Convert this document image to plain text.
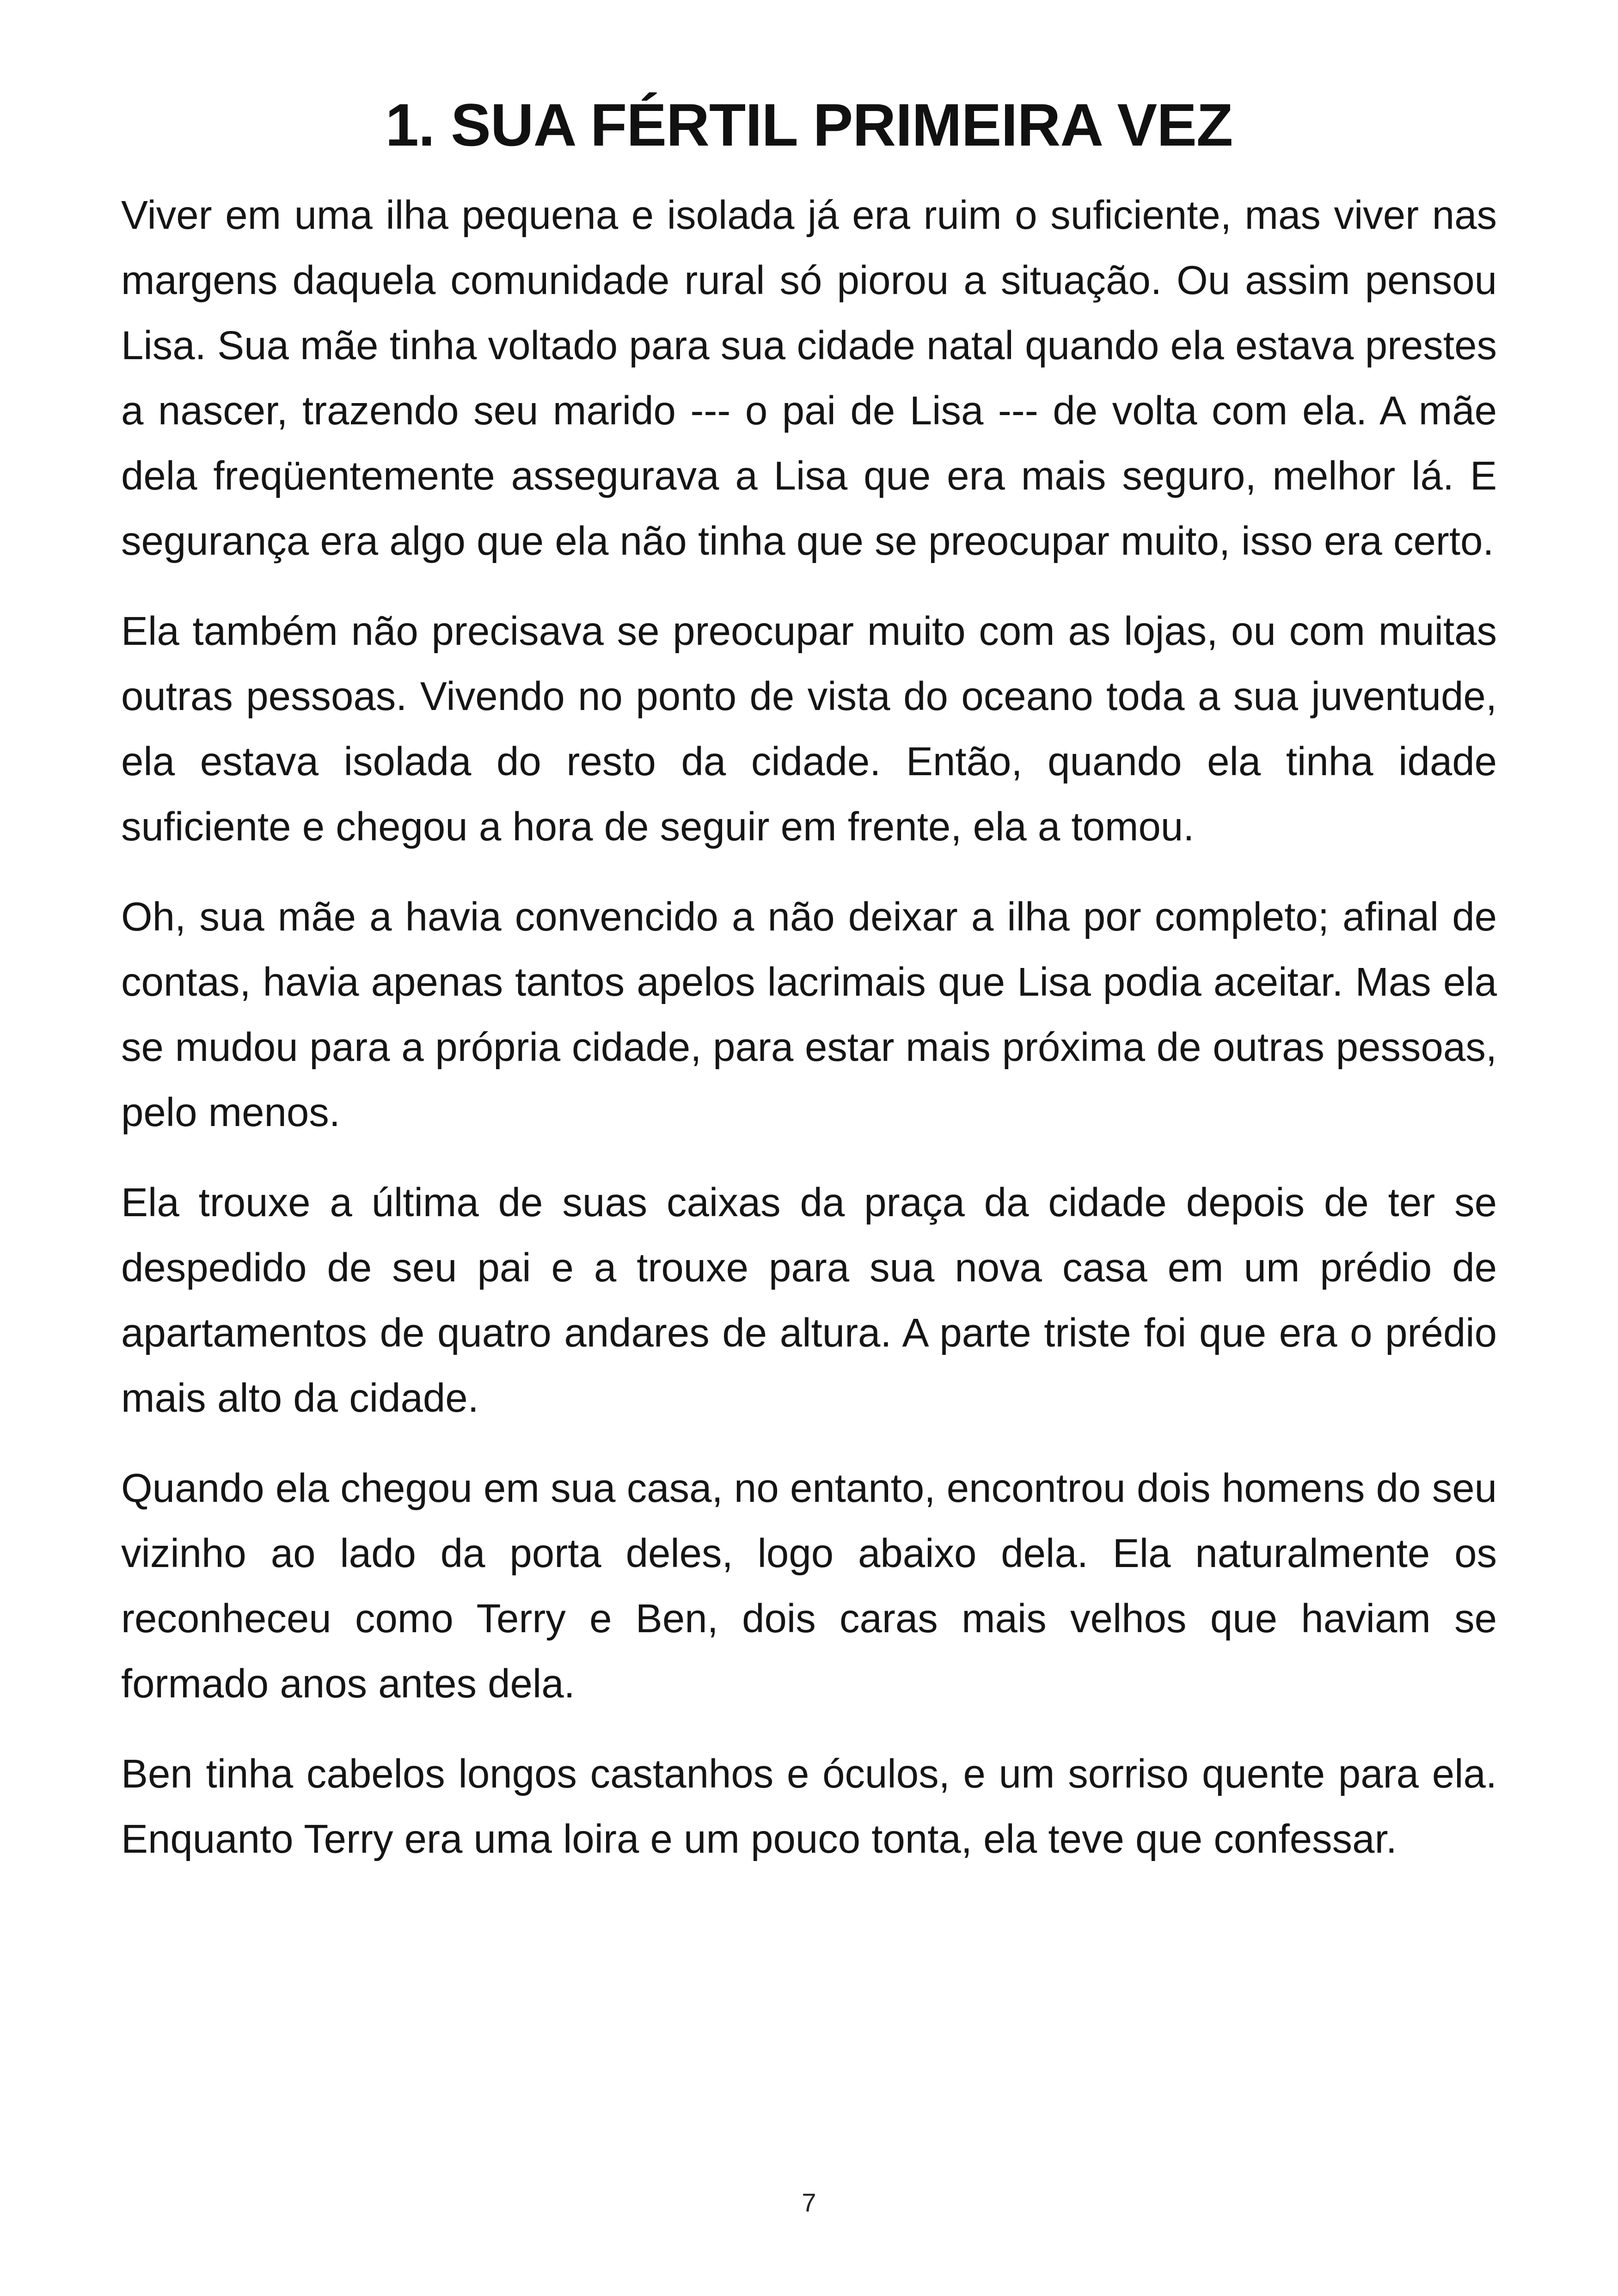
1. SUA FÉRTIL PRIMEIRA VEZ

Viver em uma ilha pequena e isolada já era ruim o suficiente, mas viver nas margens daquela comunidade rural só piorou a situação. Ou assim pensou Lisa. Sua mãe tinha voltado para sua cidade natal quando ela estava prestes a nascer, trazendo seu marido --- o pai de Lisa --- de volta com ela. A mãe dela freqüentemente assegurava a Lisa que era mais seguro, melhor lá. E segurança era algo que ela não tinha que se preocupar muito, isso era certo.

Ela também não precisava se preocupar muito com as lojas, ou com muitas outras pessoas. Vivendo no ponto de vista do oceano toda a sua juventude, ela estava isolada do resto da cidade. Então, quando ela tinha idade suficiente e chegou a hora de seguir em frente, ela a tomou.

Oh, sua mãe a havia convencido a não deixar a ilha por completo; afinal de contas, havia apenas tantos apelos lacrimais que Lisa podia aceitar. Mas ela se mudou para a própria cidade, para estar mais próxima de outras pessoas, pelo menos.

Ela trouxe a última de suas caixas da praça da cidade depois de ter se despedido de seu pai e a trouxe para sua nova casa em um prédio de apartamentos de quatro andares de altura. A parte triste foi que era o prédio mais alto da cidade.

Quando ela chegou em sua casa, no entanto, encontrou dois homens do seu vizinho ao lado da porta deles, logo abaixo dela. Ela naturalmente os reconheceu como Terry e Ben, dois caras mais velhos que haviam se formado anos antes dela.

Ben tinha cabelos longos castanhos e óculos, e um sorriso quente para ela. Enquanto Terry era uma loira e um pouco tonta, ela teve que confessar.

7
